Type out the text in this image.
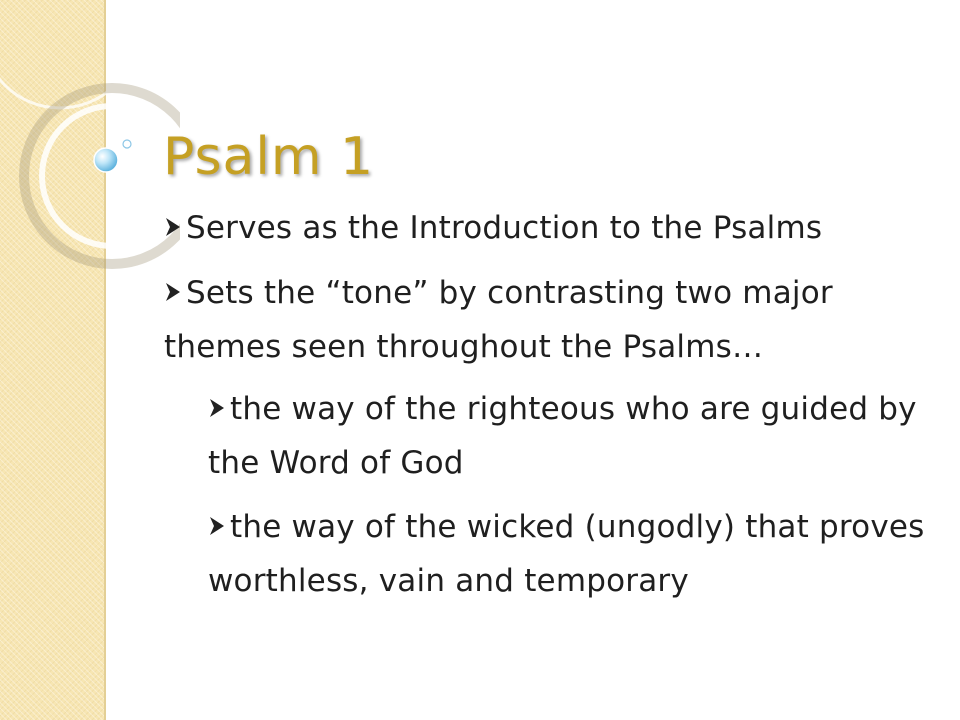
Psalm 1

Serves as the Introduction to the Psalms

Sets the “tone” by contrasting two major themes seen throughout the Psalms…

the way of the righteous who are guided by the Word of God

the way of the wicked (ungodly) that proves worthless, vain and temporary
